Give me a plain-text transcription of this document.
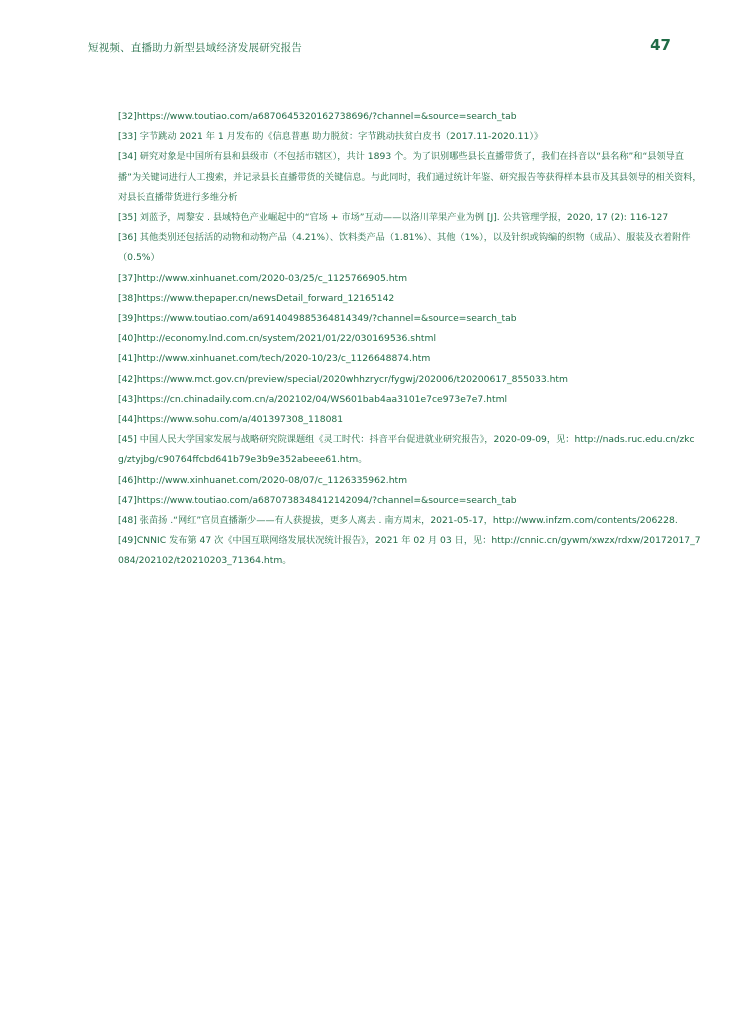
短视频、直播助力新型县域经济发展研究报告	47
[32]https://www.toutiao.com/a6870645320162738696/?channel=&source=search_tab
[33] 字节跳动 2021 年 1 月发布的《信息普惠 助力脱贫：字节跳动扶贫白皮书（2017.11-2020.11）》
[34] 研究对象是中国所有县和县级市（不包括市辖区），共计 1893 个。为了识别哪些县长直播带货了，我们在抖音以“县名称”和“县领导直播”为关键词进行人工搜索，并记录县长直播带货的关键信息。与此同时，我们通过统计年鉴、研究报告等获得样本县市及其县领导的相关资料，对县长直播带货进行多维分析
[35] 刘蓝予，周黎安 . 县域特色产业崛起中的“官场 + 市场”互动——以洛川苹果产业为例 [J]. 公共管理学报，2020, 17 (2): 116-127
[36] 其他类别还包括活的动物和动物产品（4.21%）、饮料类产品（1.81%）、其他（1%），以及针织或钩编的织物（成品）、服装及衣着附件（0.5%）
[37]http://www.xinhuanet.com/2020-03/25/c_1125766905.htm
[38]https://www.thepaper.cn/newsDetail_forward_12165142
[39]https://www.toutiao.com/a6914049885364814349/?channel=&source=search_tab
[40]http://economy.lnd.com.cn/system/2021/01/22/030169536.shtml
[41]http://www.xinhuanet.com/tech/2020-10/23/c_1126648874.htm
[42]https://www.mct.gov.cn/preview/special/2020whhzrycr/fygwj/202006/t20200617_855033.htm
[43]https://cn.chinadaily.com.cn/a/202102/04/WS601bab4aa3101e7ce973e7e7.html
[44]https://www.sohu.com/a/401397308_118081
[45] 中国人民大学国家发展与战略研究院课题组《灵工时代：抖音平台促进就业研究报告》，2020-09-09，见：http://nads.ruc.edu.cn/zkcg/ztyjbg/c90764ffcbd641b79e3b9e352abeee61.htm。
[46]http://www.xinhuanet.com/2020-08/07/c_1126335962.htm
[47]https://www.toutiao.com/a6870738348412142094/?channel=&source=search_tab
[48] 张苗扬 .“网红”官员直播渐少——有人获提拔，更多人离去 . 南方周末，2021-05-17，http://www.infzm.com/contents/206228.
[49]CNNIC 发布第 47 次《中国互联网络发展状况统计报告》，2021 年 02 月 03 日，见：http://cnnic.cn/gywm/xwzx/rdxw/20172017_7084/202102/t20210203_71364.htm。
